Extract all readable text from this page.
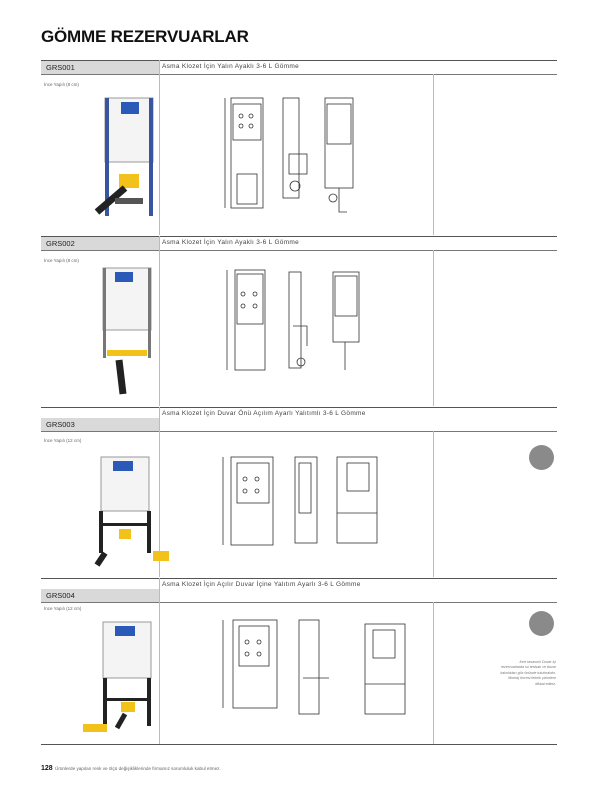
GÖMME REZERVUARLAR
GRS001	Asma Klozet İçin Yalın Ayaklı 3-6 L Gömme
İnce Yapılı (8 cm)
GRS002	Asma Klozet İçin Yalın Ayaklı 3-6 L Gömme
İnce Yapılı (8 cm)
GRS003
Asma Klozet İçin Duvar Önü Açılım Ayarlı Yalıtımlı 3-6 L Gömme
İnce Yapılı (12 cm)
GRS004
Asma Klozet İçin Açılır Duvar İçine Yalıtım Ayarlı 3-6 L Gömme
İnce Yapılı (12 cm)
İnce tasarımlı Duvar içi rezervuarlarda su tesisatı ve duvar kalınlıkları göz önünde tutulmalıdır. Montaj öncesi teknik çizimlere dikkat ediniz.
128 Ürünlerde yapılan renk ve ölçü değişikliklerinde firmamız sorumluluk kabul etmez.
